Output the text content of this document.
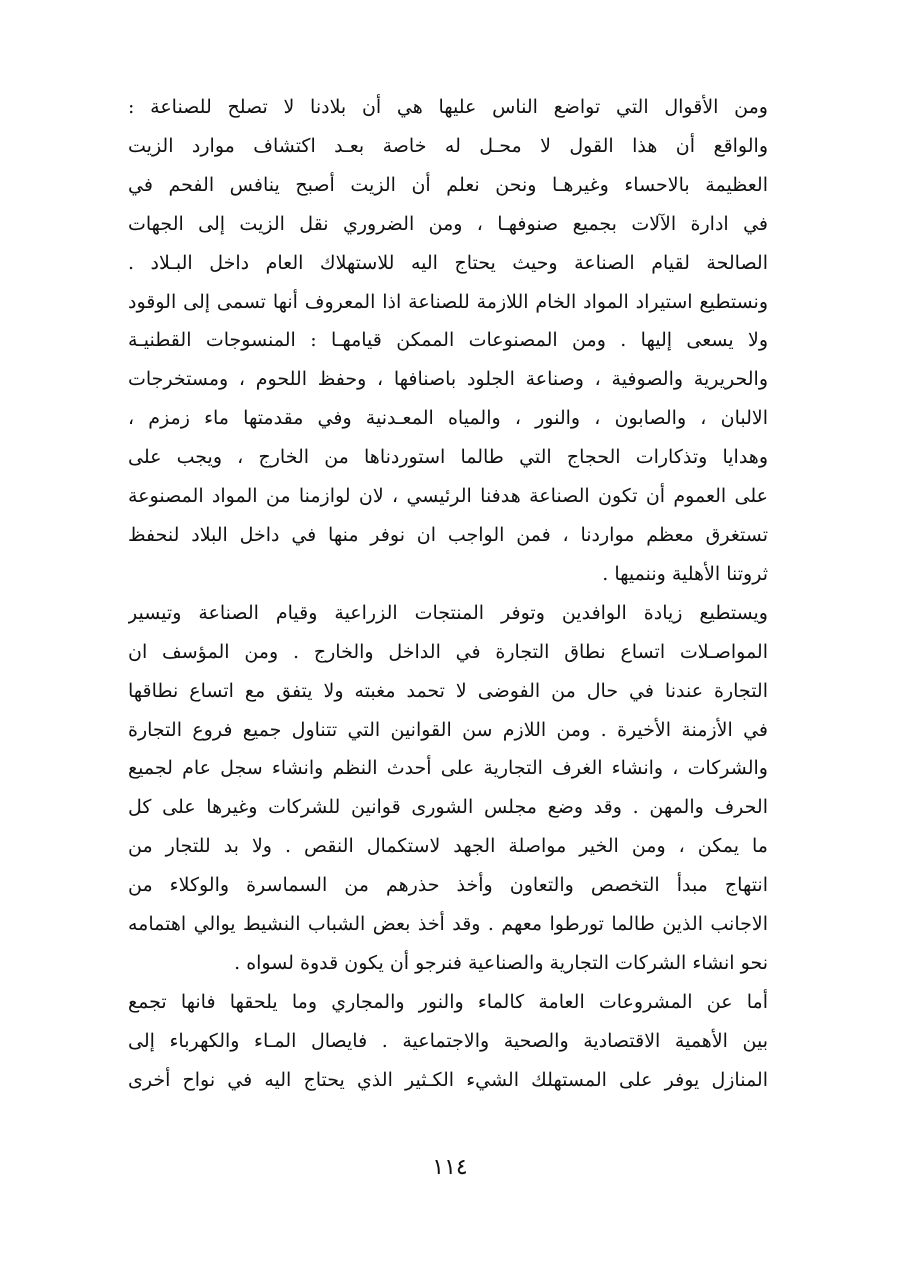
ومن الأقوال التي تواضع الناس عليها هي أن بلادنا لا تصلح للصناعة :
والواقع أن هذا القول لا محـل له خاصة بعـد اكتشاف موارد الزيت
العظيمة بالاحساء وغيرهـا ونحن نعلم أن الزيت أصبح ينافس الفحم في
في ادارة الآلات بجميع صنوفهـا ، ومن الضروري نقل الزيت إلى الجهات
الصالحة لقيام الصناعة وحيث يحتاج اليه للاستهلاك العام داخل البـلاد .
ونستطيع استيراد المواد الخام اللازمة للصناعة اذا المعروف أنها تسمى إلى الوقود
ولا يسعى إليها . ومن المصنوعات الممكن قيامهـا : المنسوجات القطنيـة
والحريرية والصوفية ، وصناعة الجلود باصنافها ، وحفظ اللحوم ، ومستخرجات
الالبان ، والصابون ، والنور ، والمياه المعـدنية وفي مقدمتها ماء زمزم ،
وهدايا وتذكارات الحجاج التي طالما استوردناها من الخارج ، ويجب على
على العموم أن تكون الصناعة هدفنا الرئيسي ، لان لوازمنا من المواد المصنوعة
تستغرق معظم مواردنا ، فمن الواجب ان نوفر منها في داخل البلاد لنحفظ
ثروتنا الأهلية وننميها .
ويستطيع زيادة الوافدين وتوفر المنتجات الزراعية وقيام الصناعة وتيسير
المواصـلات اتساع نطاق التجارة في الداخل والخارج . ومن المؤسف ان
التجارة عندنا في حال من الفوضى لا تحمد مغبته ولا يتفق مع اتساع نطاقها
في الأزمنة الأخيرة . ومن اللازم سن القوانين التي تتناول جميع فروع التجارة
والشركات ، وانشاء الغرف التجارية على أحدث النظم وانشاء سجل عام لجميع
الحرف والمهن . وقد وضع مجلس الشورى قوانين للشركات وغيرها على كل
ما يمكن ، ومن الخير مواصلة الجهد لاستكمال النقص . ولا بد للتجار من
انتهاج مبدأ التخصص والتعاون وأخذ حذرهم من السماسرة والوكلاء من
الاجانب الذين طالما تورطوا معهم . وقد أخذ بعض الشباب النشيط يوالي اهتمامه
نحو انشاء الشركات التجارية والصناعية فنرجو أن يكون قدوة لسواه .
أما عن المشروعات العامة كالماء والنور والمجاري وما يلحقها فانها تجمع
بين الأهمية الاقتصادية والصحية والاجتماعية . فايصال المـاء والكهرباء إلى
المنازل يوفر على المستهلك الشيء الكـثير الذي يحتاج اليه في نواح أخرى
١١٤
